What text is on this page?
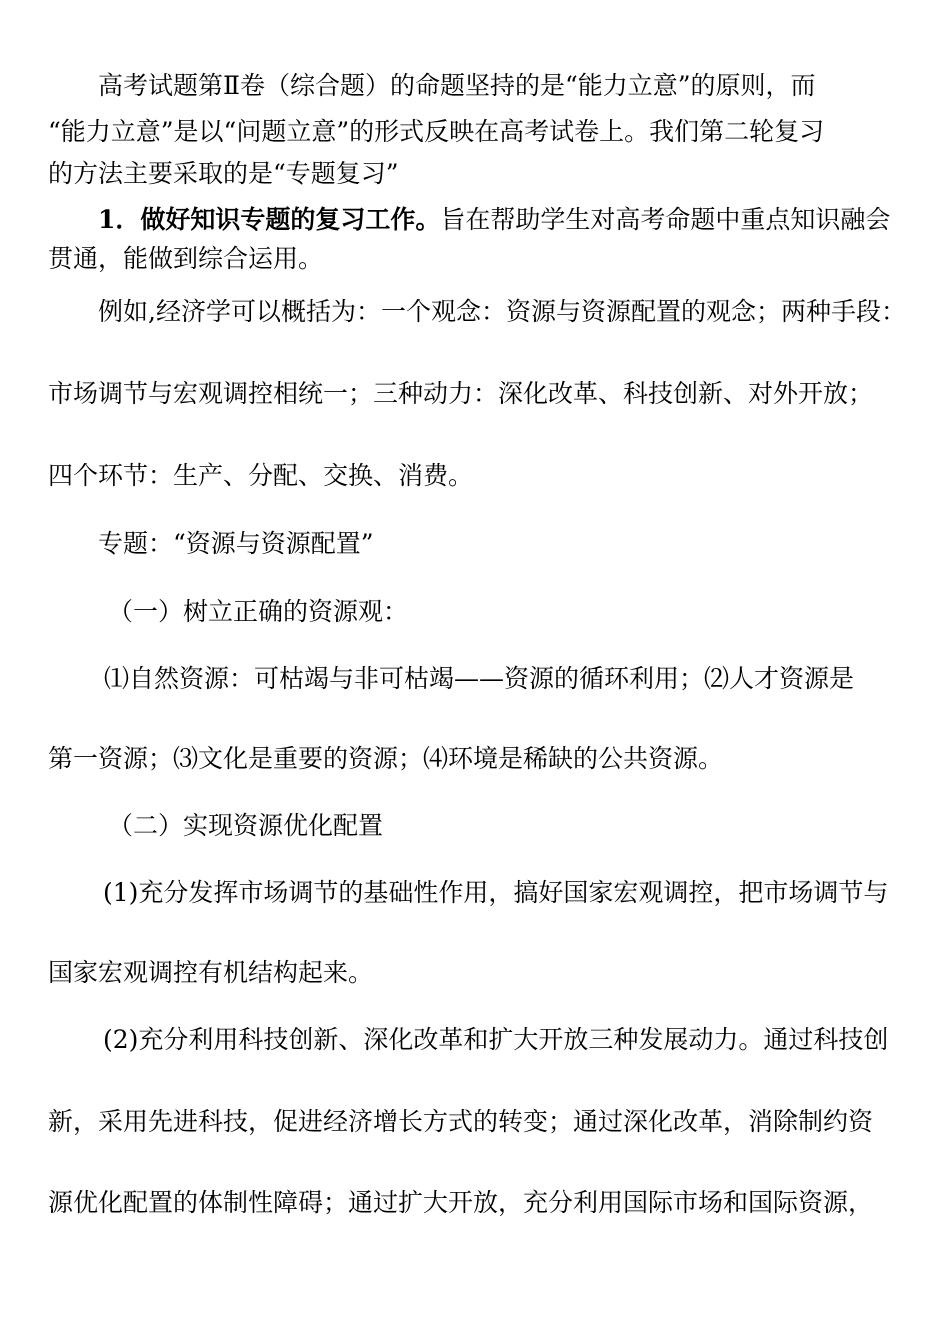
高考试题第Ⅱ卷（综合题）的命题坚持的是“能力立意”的原则，而
“能力立意”是以“问题立意”的形式反映在高考试卷上。我们第二轮复习
的方法主要采取的是“专题复习”
1．做好知识专题的复习工作。旨在帮助学生对高考命题中重点知识融会
贯通，能做到综合运用。
例如,经济学可以概括为：一个观念：资源与资源配置的观念；两种手段：
市场调节与宏观调控相统一；三种动力：深化改革、科技创新、对外开放；
四个环节：生产、分配、交换、消费。
专题：“资源与资源配置”
（一）树立正确的资源观：
⑴自然资源：可枯竭与非可枯竭——资源的循环利用；⑵人才资源是
第一资源；⑶文化是重要的资源；⑷环境是稀缺的公共资源。
（二）实现资源优化配置
(1)充分发挥市场调节的基础性作用，搞好国家宏观调控，把市场调节与
国家宏观调控有机结构起来。
(2)充分利用科技创新、深化改革和扩大开放三种发展动力。通过科技创
新，采用先进科技，促进经济增长方式的转变；通过深化改革，消除制约资
源优化配置的体制性障碍；通过扩大开放，充分利用国际市场和国际资源，
